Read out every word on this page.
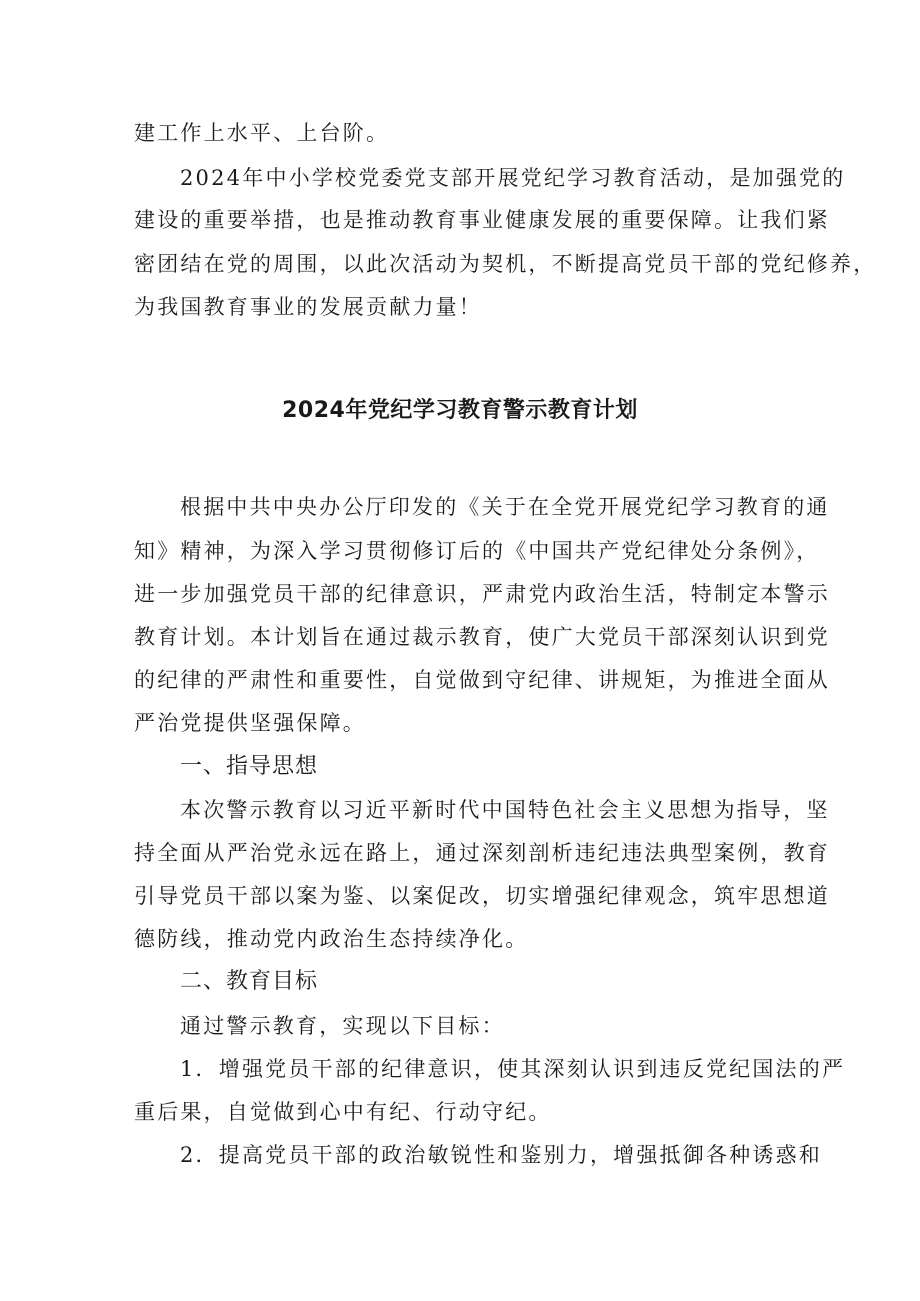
建工作上水平、上台阶。
2024年中小学校党委党支部开展党纪学习教育活动，是加强党的
建设的重要举措，也是推动教育事业健康发展的重要保障。让我们紧
密团结在党的周围，以此次活动为契机，不断提高党员干部的党纪修养，
为我国教育事业的发展贡献力量！
2024年党纪学习教育警示教育计划
根据中共中央办公厅印发的《关于在全党开展党纪学习教育的通
知》精神，为深入学习贯彻修订后的《中国共产党纪律处分条例》，
进一步加强党员干部的纪律意识，严肃党内政治生活，特制定本警示
教育计划。本计划旨在通过裁示教育，使广大党员干部深刻认识到党
的纪律的严肃性和重要性，自觉做到守纪律、讲规矩，为推进全面从
严治党提供坚强保障。
一、指导思想
本次警示教育以习近平新时代中国特色社会主义思想为指导，坚
持全面从严治党永远在路上，通过深刻剖析违纪违法典型案例，教育
引导党员干部以案为鉴、以案促改，切实增强纪律观念，筑牢思想道
德防线，推动党内政治生态持续净化。
二、教育目标
通过警示教育，实现以下目标：
1．增强党员干部的纪律意识，使其深刻认识到违反党纪国法的严
重后果，自觉做到心中有纪、行动守纪。
2．提高党员干部的政治敏锐性和鉴别力，增强抵御各种诱惑和
